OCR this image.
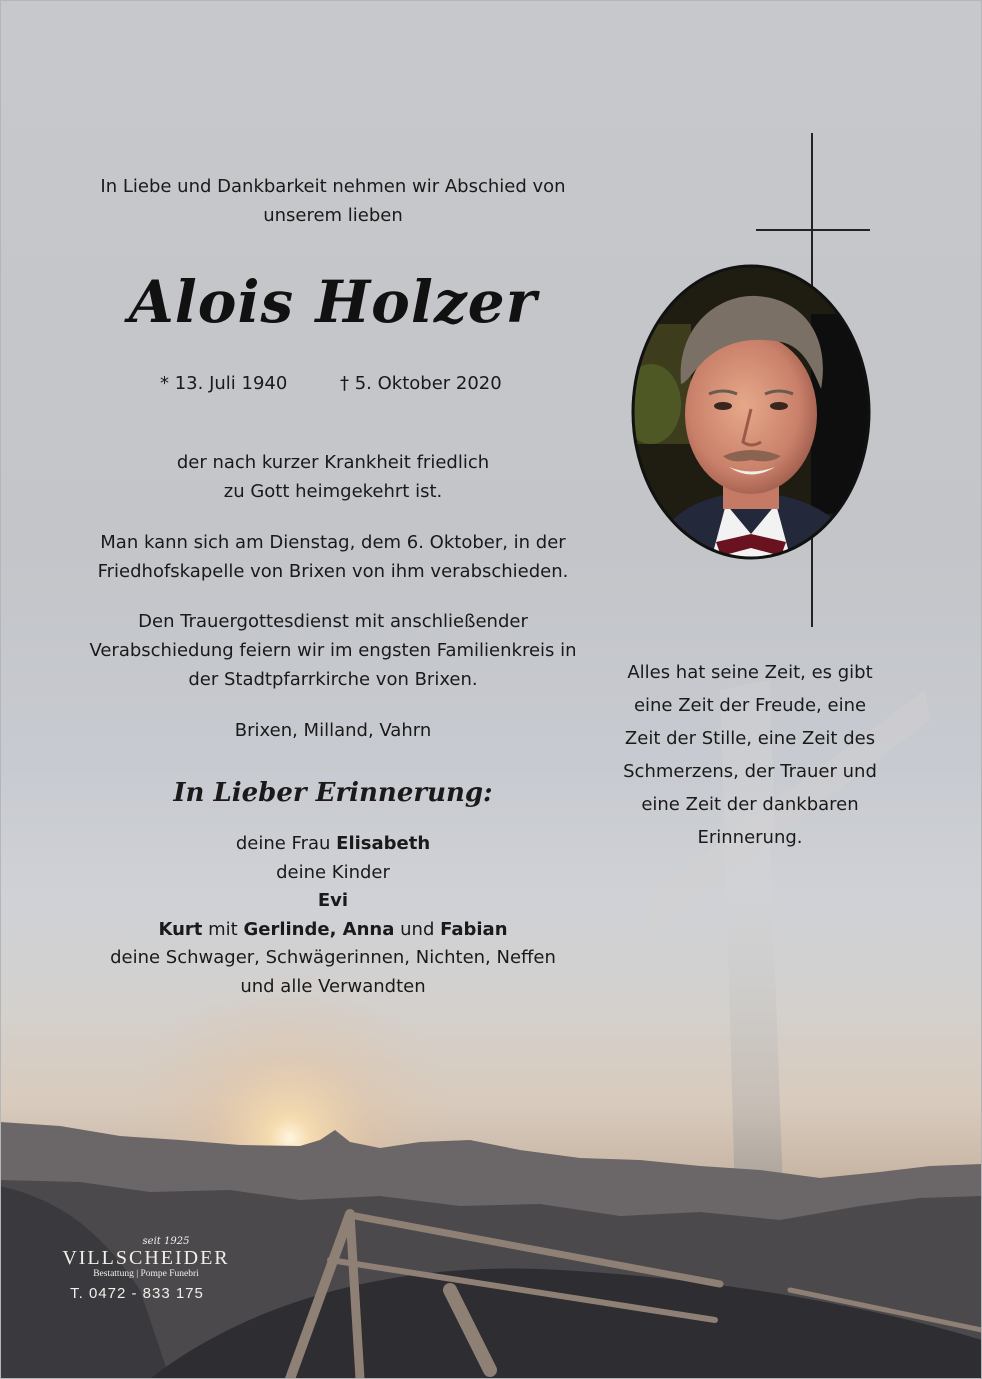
In Liebe und Dankbarkeit nehmen wir Abschied von
unserem lieben
Alois Holzer
* 13. Juli 1940	† 5. Oktober 2020
der nach kurzer Krankheit friedlich
zu Gott heimgekehrt ist.
Man kann sich am Dienstag, dem 6. Oktober, in der
Friedhofskapelle von Brixen von ihm verabschieden.
Den Trauergottesdienst mit anschließender
Verabschiedung feiern wir im engsten Familienkreis in
der Stadtpfarrkirche von Brixen.
Brixen, Milland, Vahrn
In Lieber Erinnerung:
deine Frau Elisabeth
deine Kinder
Evi
Kurt mit Gerlinde, Anna und Fabian
deine Schwager, Schwägerinnen, Nichten, Neffen
und alle Verwandten
Alles hat seine Zeit, es gibt
eine Zeit der Freude, eine
Zeit der Stille, eine Zeit des
Schmerzens, der Trauer und
eine Zeit der dankbaren
Erinnerung.
seit 1925
VILLSCHEIDER
Bestattung | Pompe Funebri
T. 0472 - 833 175
